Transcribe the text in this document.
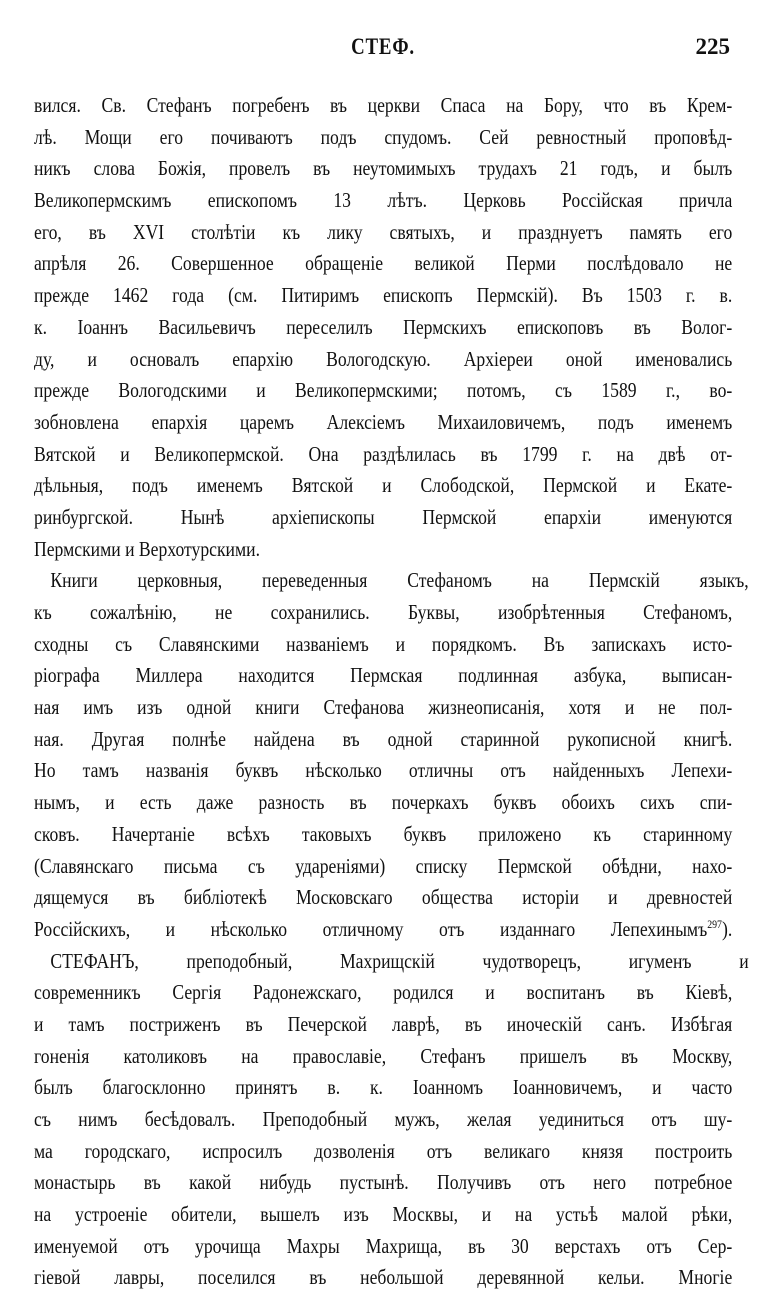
СТЕФ.	225
вился. Св. Стефанъ погребенъ въ церкви Спаса на Бору, что въ Крем-
лѣ. Мощи его почиваютъ подъ спудомъ. Сей ревностный проповѣд-
никъ слова Божія, провелъ въ неутомимыхъ трудахъ 21 годъ, и былъ
Великопермскимъ епископомъ 13 лѣтъ. Церковь Россійская причла
его, въ XVI столѣтіи къ лику святыхъ, и празднуетъ память его
апрѣля 26. Совершенное обращеніе великой Перми послѣдовало не
прежде 1462 года (см. Питиримъ епископъ Пермскій). Въ 1503 г. в.
к. Іоаннъ Васильевичъ переселилъ Пермскихъ епископовъ въ Волог-
ду, и основалъ епархію Вологодскую. Архіереи оной именовались
прежде Вологодскими и Великопермскими; потомъ, съ 1589 г., во-
зобновлена епархія царемъ Алексіемъ Михаиловичемъ, подъ именемъ
Вятской и Великопермской. Она раздѣлилась въ 1799 г. на двѣ от-
дѣльныя, подъ именемъ Вятской и Слободской, Пермской и Екате-
ринбургской. Нынѣ архіепископы Пермской епархіи именуются
Пермскими и Верхотурскими.
Книги церковныя, переведенныя Стефаномъ на Пермскій языкъ,
къ сожалѣнію, не сохранились. Буквы, изобрѣтенныя Стефаномъ,
сходны съ Славянскими названіемъ и порядкомъ. Въ запискахъ исто-
ріографа Миллера находится Пермская подлинная азбука, выписан-
ная имъ изъ одной книги Стефанова жизнеописанія, хотя и не пол-
ная. Другая полнѣе найдена въ одной старинной рукописной книгѣ.
Но тамъ названія буквъ нѣсколько отличны отъ найденныхъ Лепехи-
нымъ, и есть даже разность въ почеркахъ буквъ обоихъ сихъ спи-
сковъ. Начертаніе всѣхъ таковыхъ буквъ приложено къ старинному
(Славянскаго письма съ удареніями) списку Пермской обѣдни, нахо-
дящемуся въ библіотекѣ Московскаго общества исторіи и древностей
Россійскихъ, и нѣсколько отличному отъ изданнаго Лепехинымъ$^{297}$).
СТЕФАНЪ, преподобный, Махрищскій чудотворецъ, игуменъ и
современникъ Сергія Радонежскаго, родился и воспитанъ въ Кіевѣ,
и тамъ постриженъ въ Печерской лаврѣ, въ иноческій санъ. Избѣгая
гоненія католиковъ на православіе, Стефанъ пришелъ въ Москву,
былъ благосклонно принятъ в. к. Іоанномъ Іоанновичемъ, и часто
съ нимъ бесѣдовалъ. Преподобный мужъ, желая уединиться отъ шу-
ма городскаго, испросилъ дозволенія отъ великаго князя построить
монастырь въ какой нибудь пустынѣ. Получивъ отъ него потребное
на устроеніе обители, вышелъ изъ Москвы, и на устьѣ малой рѣки,
именуемой отъ урочища Махры Махрища, въ 30 верстахъ отъ Сер-
гіевой лавры, поселился въ небольшой деревянной кельи. Многіе
